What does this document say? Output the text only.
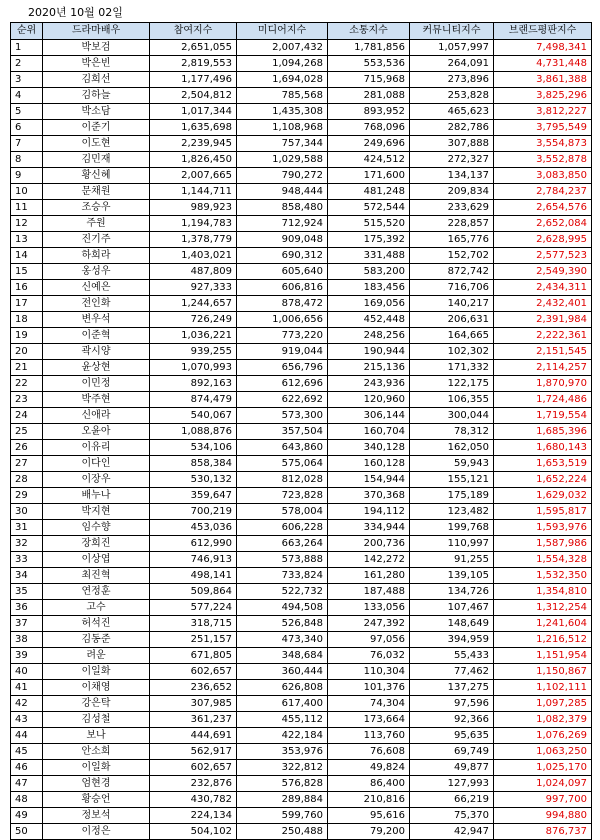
2020년 10월 02일
순위	드라마배우	참여지수	미디어지수	소통지수	커뮤니티지수	브랜드평판지수
1	박보검	2,651,055	2,007,432	1,781,856	1,057,997	7,498,341
2	박은빈	2,819,553	1,094,268	553,536	264,091	4,731,448
3	김희선	1,177,496	1,694,028	715,968	273,896	3,861,388
4	김하늘	2,504,812	785,568	281,088	253,828	3,825,296
5	박소담	1,017,344	1,435,308	893,952	465,623	3,812,227
6	이준기	1,635,698	1,108,968	768,096	282,786	3,795,549
7	이도현	2,239,945	757,344	249,696	307,888	3,554,873
8	김민재	1,826,450	1,029,588	424,512	272,327	3,552,878
9	황신혜	2,007,665	790,272	171,600	134,137	3,083,850
10	문채원	1,144,711	948,444	481,248	209,834	2,784,237
11	조승우	989,923	858,480	572,544	233,629	2,654,576
12	주원	1,194,783	712,924	515,520	228,857	2,652,084
13	진기주	1,378,779	909,048	175,392	165,776	2,628,995
14	하희라	1,403,021	690,312	331,488	152,702	2,577,523
15	옹성우	487,809	605,640	583,200	872,742	2,549,390
16	신예은	927,333	606,816	183,456	716,706	2,434,311
17	전인화	1,244,657	878,472	169,056	140,217	2,432,401
18	변우석	726,249	1,006,656	452,448	206,631	2,391,984
19	이준혁	1,036,221	773,220	248,256	164,665	2,222,361
20	곽시양	939,255	919,044	190,944	102,302	2,151,545
21	윤상현	1,070,993	656,796	215,136	171,332	2,114,257
22	이민정	892,163	612,696	243,936	122,175	1,870,970
23	박주현	874,479	622,692	120,960	106,355	1,724,486
24	신애라	540,067	573,300	306,144	300,044	1,719,554
25	오윤아	1,088,876	357,504	160,704	78,312	1,685,396
26	이유리	534,106	643,860	340,128	162,050	1,680,143
27	이다인	858,384	575,064	160,128	59,943	1,653,519
28	이장우	530,132	812,028	154,944	155,121	1,652,224
29	배누나	359,647	723,828	370,368	175,189	1,629,032
30	박지현	700,219	578,004	194,112	123,482	1,595,817
31	임수향	453,036	606,228	334,944	199,768	1,593,976
32	장희진	612,990	663,264	200,736	110,997	1,587,986
33	이상엽	746,913	573,888	142,272	91,255	1,554,328
34	최진혁	498,141	733,824	161,280	139,105	1,532,350
35	연정훈	509,864	522,732	187,488	134,726	1,354,810
36	고수	577,224	494,508	133,056	107,467	1,312,254
37	허석진	318,715	526,848	247,392	148,649	1,241,604
38	김동준	251,157	473,340	97,056	394,959	1,216,512
39	려운	671,805	348,684	76,032	55,433	1,151,954
40	이일화	602,657	360,444	110,304	77,462	1,150,867
41	이채영	236,652	626,808	101,376	137,275	1,102,111
42	강은탁	307,985	617,400	74,304	97,596	1,097,285
43	김성철	361,237	455,112	173,664	92,366	1,082,379
44	보나	444,691	422,184	113,760	95,635	1,076,269
45	안소희	562,917	353,976	76,608	69,749	1,063,250
46	이일화	602,657	322,812	49,824	49,877	1,025,170
47	엄현경	232,876	576,828	86,400	127,993	1,024,097
48	황승언	430,782	289,884	210,816	66,219	997,700
49	정보석	224,134	599,760	95,616	75,370	994,880
50	이정은	504,102	250,488	79,200	42,947	876,737
